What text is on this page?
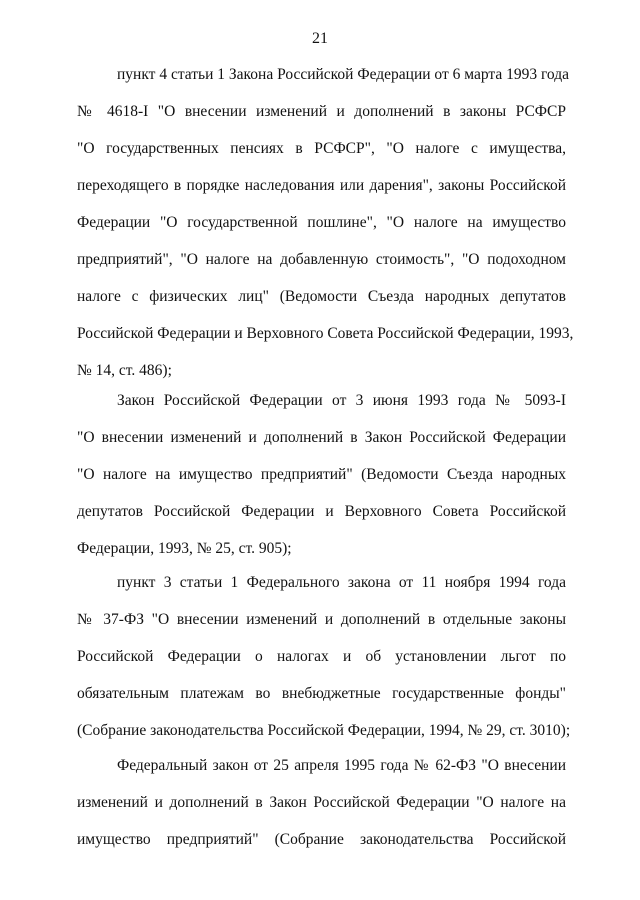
21
пункт 4 статьи 1 Закона Российской Федерации от 6 марта 1993 года
№ 4618-I "О внесении изменений и дополнений в законы РСФСР
"О государственных пенсиях в РСФСР", "О налоге с имущества,
переходящего в порядке наследования или дарения", законы Российской
Федерации "О государственной пошлине", "О налоге на имущество
предприятий", "О налоге на добавленную стоимость", "О подоходном
налоге с физических лиц" (Ведомости Съезда народных депутатов
Российской Федерации и Верховного Совета Российской Федерации, 1993,
№ 14, ст. 486);
Закон Российской Федерации от 3 июня 1993 года № 5093-I
"О внесении изменений и дополнений в Закон Российской Федерации
"О налоге на имущество предприятий" (Ведомости Съезда народных
депутатов Российской Федерации и Верховного Совета Российской
Федерации, 1993, № 25, ст. 905);
пункт 3 статьи 1 Федерального закона от 11 ноября 1994 года
№ 37-ФЗ "О внесении изменений и дополнений в отдельные законы
Российской Федерации о налогах и об установлении льгот по
обязательным платежам во внебюджетные государственные фонды"
(Собрание законодательства Российской Федерации, 1994, № 29, ст. 3010);
Федеральный закон от 25 апреля 1995 года № 62-ФЗ "О внесении
изменений и дополнений в Закон Российской Федерации "О налоге на
имущество предприятий" (Собрание законодательства Российской
